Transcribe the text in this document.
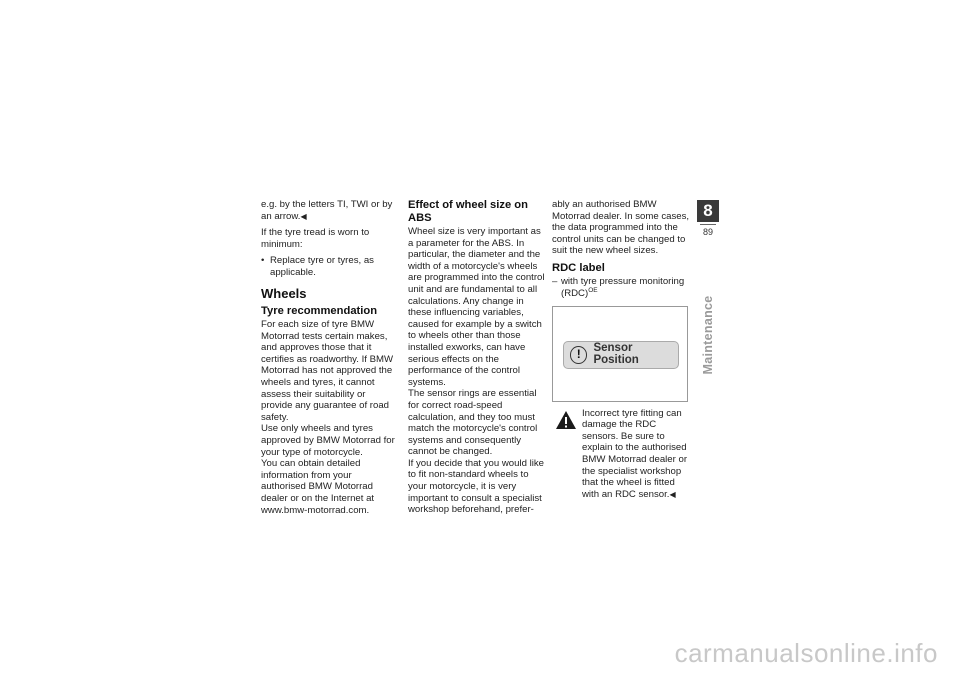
e.g. by the letters TI, TWI or by an arrow.◀

If the tyre tread is worn to minimum:

• Replace tyre or tyres, as applicable.
Wheels
Tyre recommendation
For each size of tyre BMW Motorrad tests certain makes, and approves those that it certifies as roadworthy. If BMW Motorrad has not approved the wheels and tyres, it cannot assess their suitability or provide any guarantee of road safety.
Use only wheels and tyres approved by BMW Motorrad for your type of motorcycle.
You can obtain detailed information from your authorised BMW Motorrad dealer or on the Internet at www.bmw-motorrad.com.
Effect of wheel size on ABS
Wheel size is very important as a parameter for the ABS. In particular, the diameter and the width of a motorcycle's wheels are programmed into the control unit and are fundamental to all calculations. Any change in these influencing variables, caused for example by a switch to wheels other than those installed exworks, can have serious effects on the performance of the control systems.
The sensor rings are essential for correct road-speed calculation, and they too must match the motorcycle's control systems and consequently cannot be changed.
If you decide that you would like to fit non-standard wheels to your motorcycle, it is very important to consult a specialist workshop beforehand, prefer-

ably an authorised BMW Motorrad dealer. In some cases, the data programmed into the control units can be changed to suit the new wheel sizes.

RDC label
– with tyre pressure monitoring (RDC)$^{OE}$
!	Sensor Position
Incorrect tyre fitting can damage the RDC sensors. Be sure to explain to the authorised BMW Motorrad dealer or the specialist workshop that the wheel is fitted with an RDC sensor.◀
8
89
Maintenance
carmanualsonline.info
